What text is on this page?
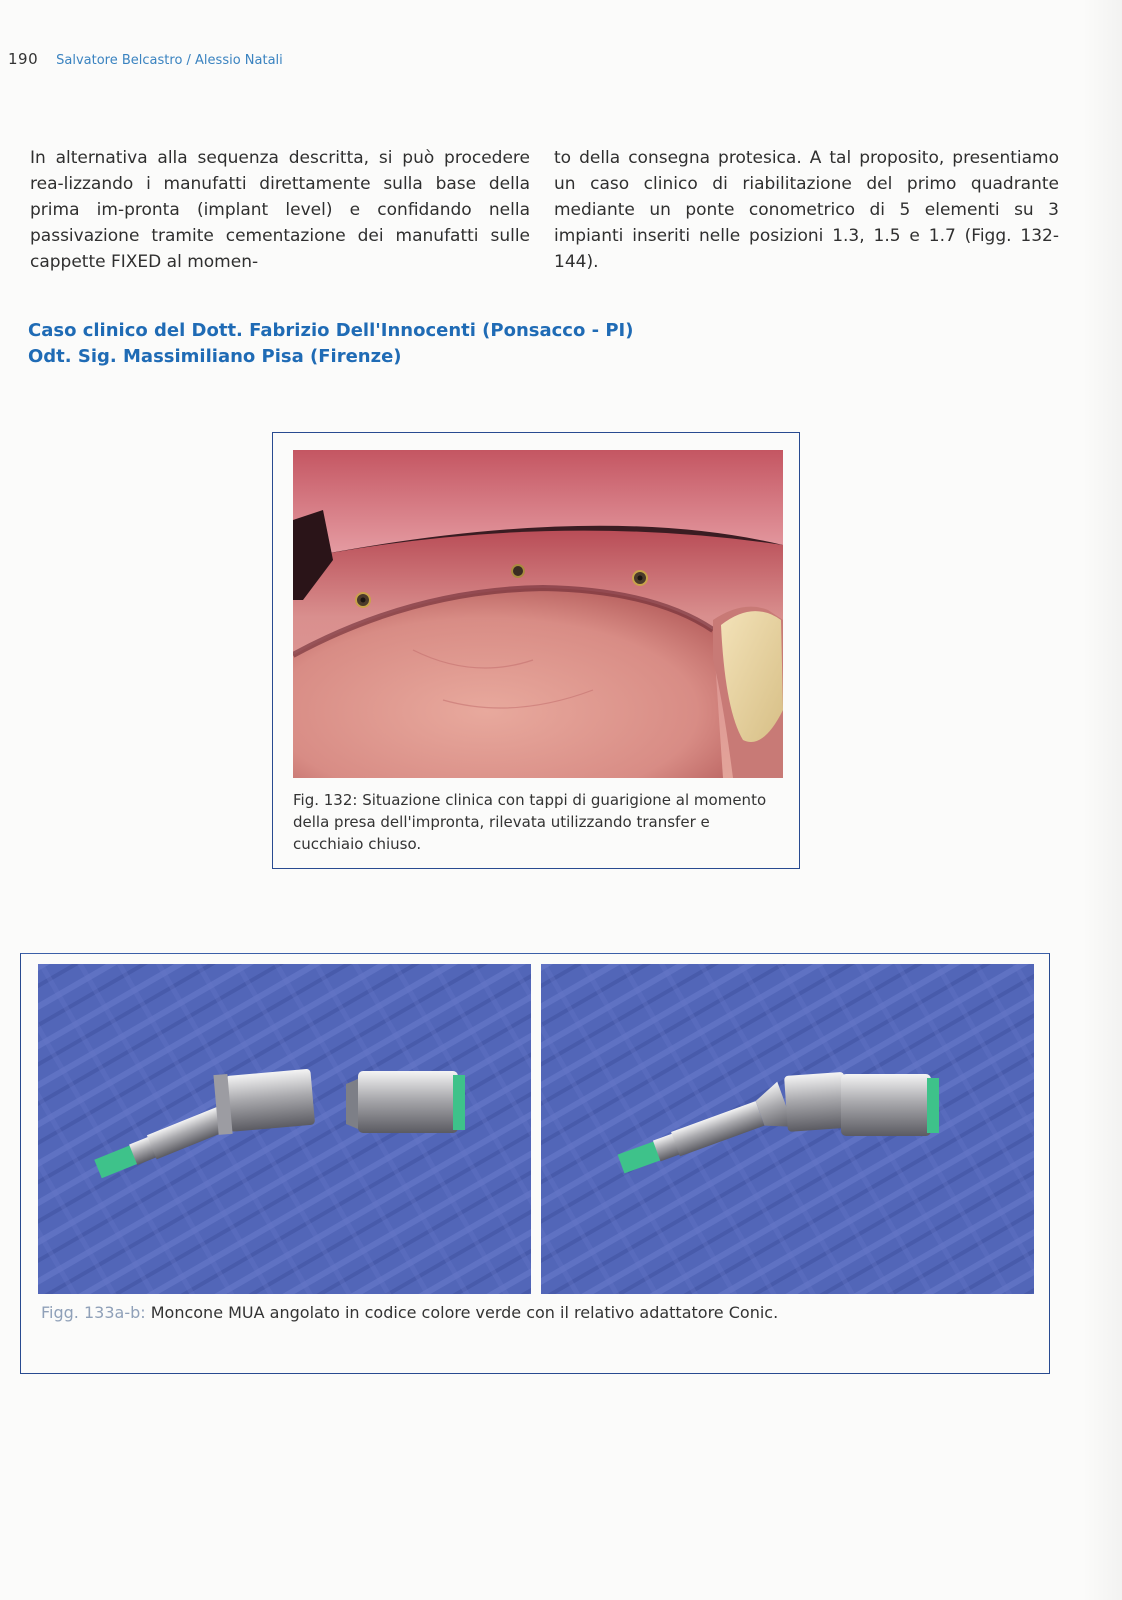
190 Salvatore Belcastro / Alessio Natali
In alternativa alla sequenza descritta, si può procedere rea-lizzando i manufatti direttamente sulla base della prima im-pronta (implant level) e confidando nella passivazione tramite cementazione dei manufatti sulle cappette FIXED al momen-
to della consegna protesica. A tal proposito, presentiamo un caso clinico di riabilitazione del primo quadrante mediante un ponte conometrico di 5 elementi su 3 impianti inseriti nelle posizioni 1.3, 1.5 e 1.7 (Figg. 132-144).
Caso clinico del Dott. Fabrizio Dell'Innocenti (Ponsacco - PI)
Odt. Sig. Massimiliano Pisa (Firenze)
Fig. 132: Situazione clinica con tappi di guarigione al momento della presa dell'impronta, rilevata utilizzando transfer e cucchiaio chiuso.
Figg. 133a-b: Moncone MUA angolato in codice colore verde con il relativo adattatore Conic.
